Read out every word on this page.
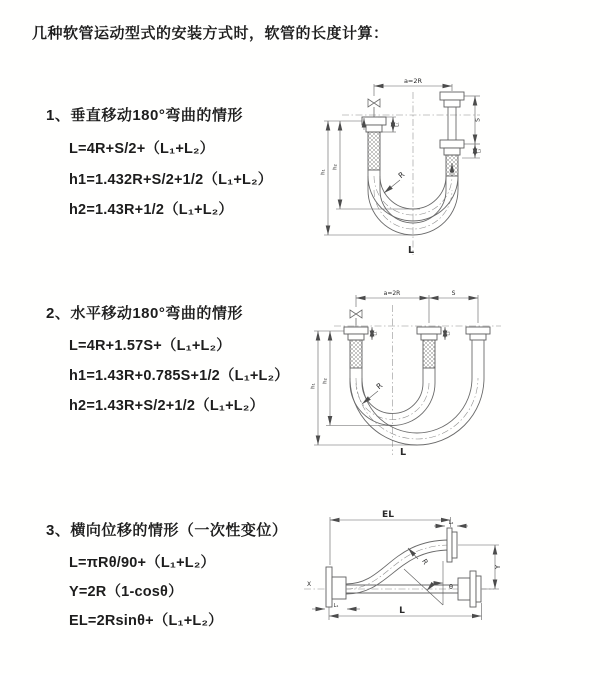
几种软管运动型式的安装方式时，软管的长度计算：
1、垂直移动180°弯曲的情形
L=4R+S/2+（L₁+L₂）
h1=1.432R+S/2+1/2（L₁+L₂）
h2=1.43R+1/2（L₁+L₂）
2、水平移动180°弯曲的情形
L=4R+1.57S+（L₁+L₂）
h1=1.43R+0.785S+1/2（L₁+L₂）
h2=1.43R+S/2+1/2（L₁+L₂）
3、横向位移的情形（一次性变位）
L=πRθ/90+（L₁+L₂）
Y=2R（1-cosθ）
EL=2Rsinθ+（L₁+L₂）
a=2R
L₁
S
L₂
h₁
h₂
R
L
a=2R	S
L₁	L₂
h₁
h₂	R
L
X
EL
L₂
Y
L
L₁
R
θ
